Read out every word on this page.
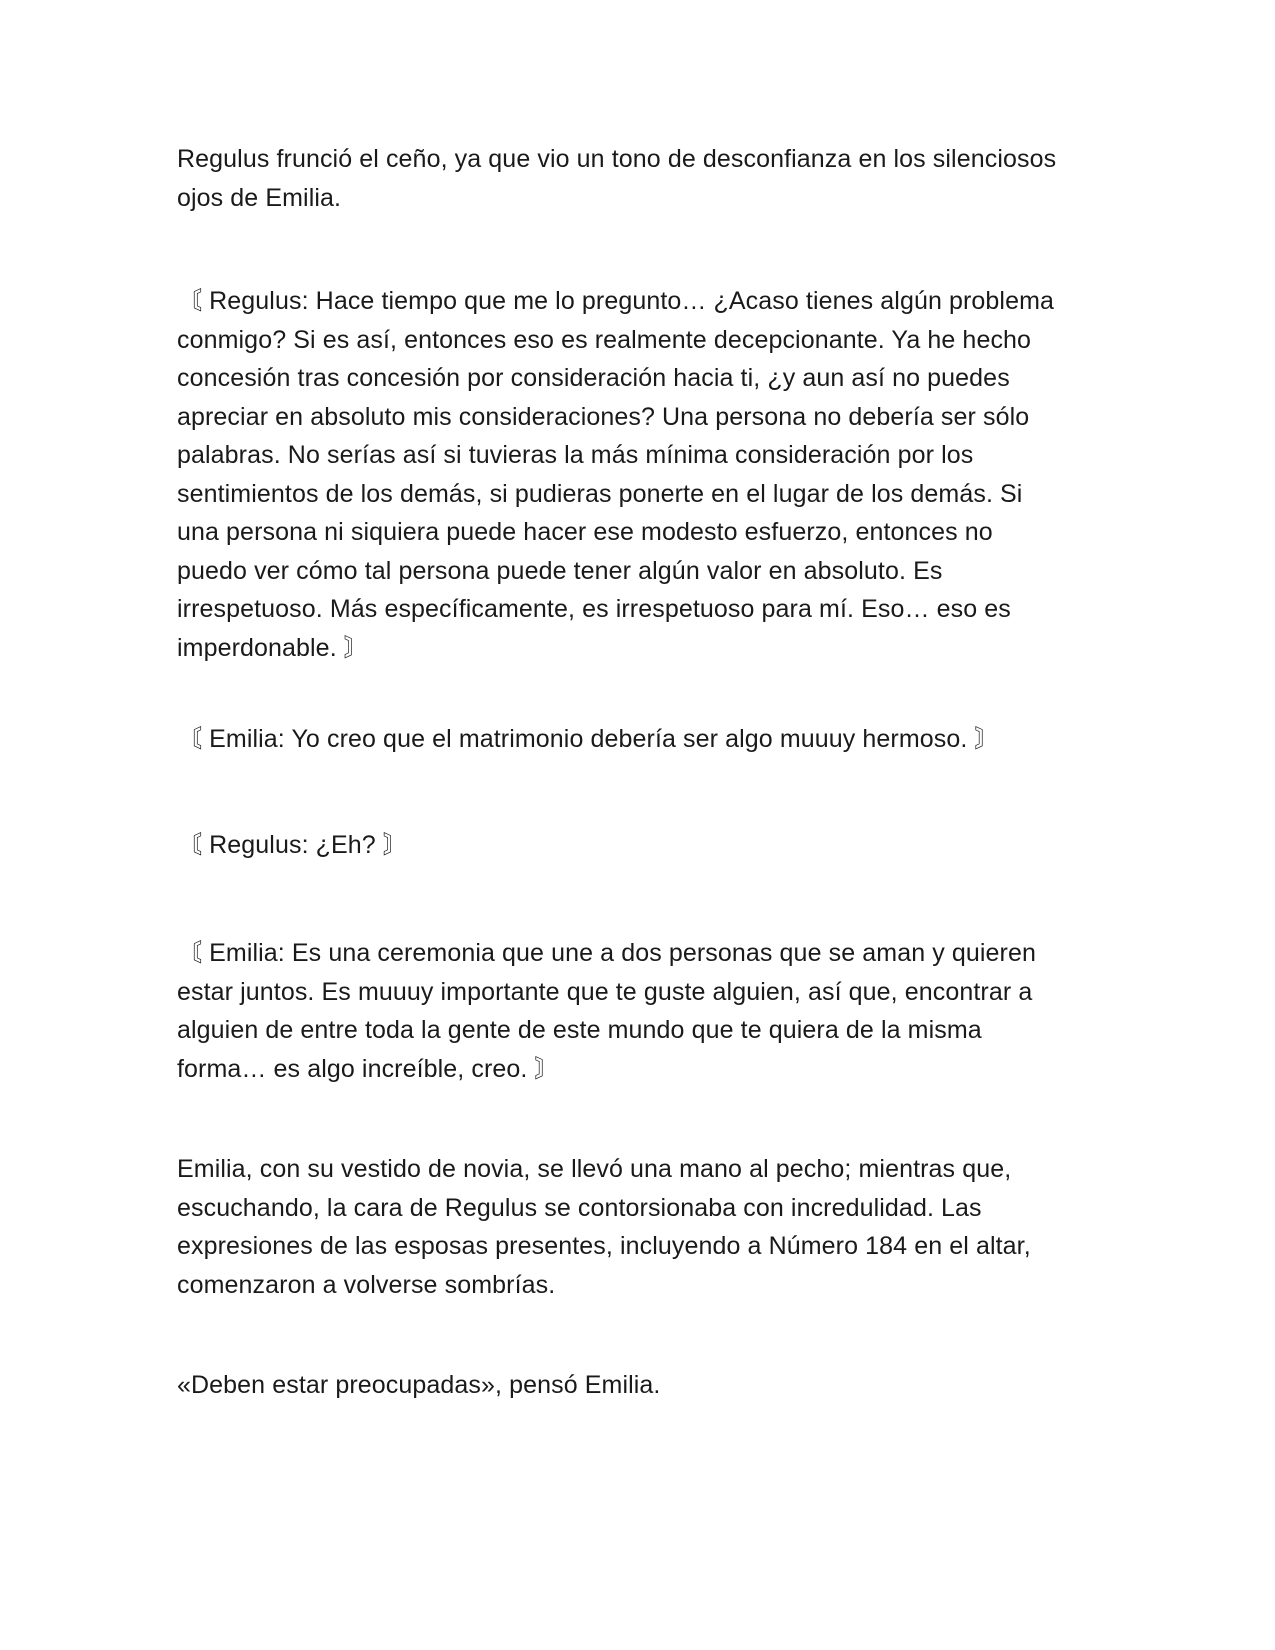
Regulus frunció el ceño, ya que vio un tono de desconfianza en los silenciosos
ojos de Emilia.

〘 Regulus: Hace tiempo que me lo pregunto… ¿Acaso tienes algún problema
conmigo? Si es así, entonces eso es realmente decepcionante. Ya he hecho
concesión tras concesión por consideración hacia ti, ¿y aun así no puedes
apreciar en absoluto mis consideraciones? Una persona no debería ser sólo
palabras. No serías así si tuvieras la más mínima consideración por los
sentimientos de los demás, si pudieras ponerte en el lugar de los demás. Si
una persona ni siquiera puede hacer ese modesto esfuerzo, entonces no
puedo ver cómo tal persona puede tener algún valor en absoluto. Es
irrespetuoso. Más específicamente, es irrespetuoso para mí. Eso… eso es
imperdonable. 〙

〘 Emilia: Yo creo que el matrimonio debería ser algo muuuy hermoso. 〙

〘 Regulus: ¿Eh? 〙

〘 Emilia: Es una ceremonia que une a dos personas que se aman y quieren
estar juntos. Es muuuy importante que te guste alguien, así que, encontrar a
alguien de entre toda la gente de este mundo que te quiera de la misma
forma… es algo increíble, creo. 〙

Emilia, con su vestido de novia, se llevó una mano al pecho; mientras que,
escuchando, la cara de Regulus se contorsionaba con incredulidad. Las
expresiones de las esposas presentes, incluyendo a Número 184 en el altar,
comenzaron a volverse sombrías.

«Deben estar preocupadas», pensó Emilia.
